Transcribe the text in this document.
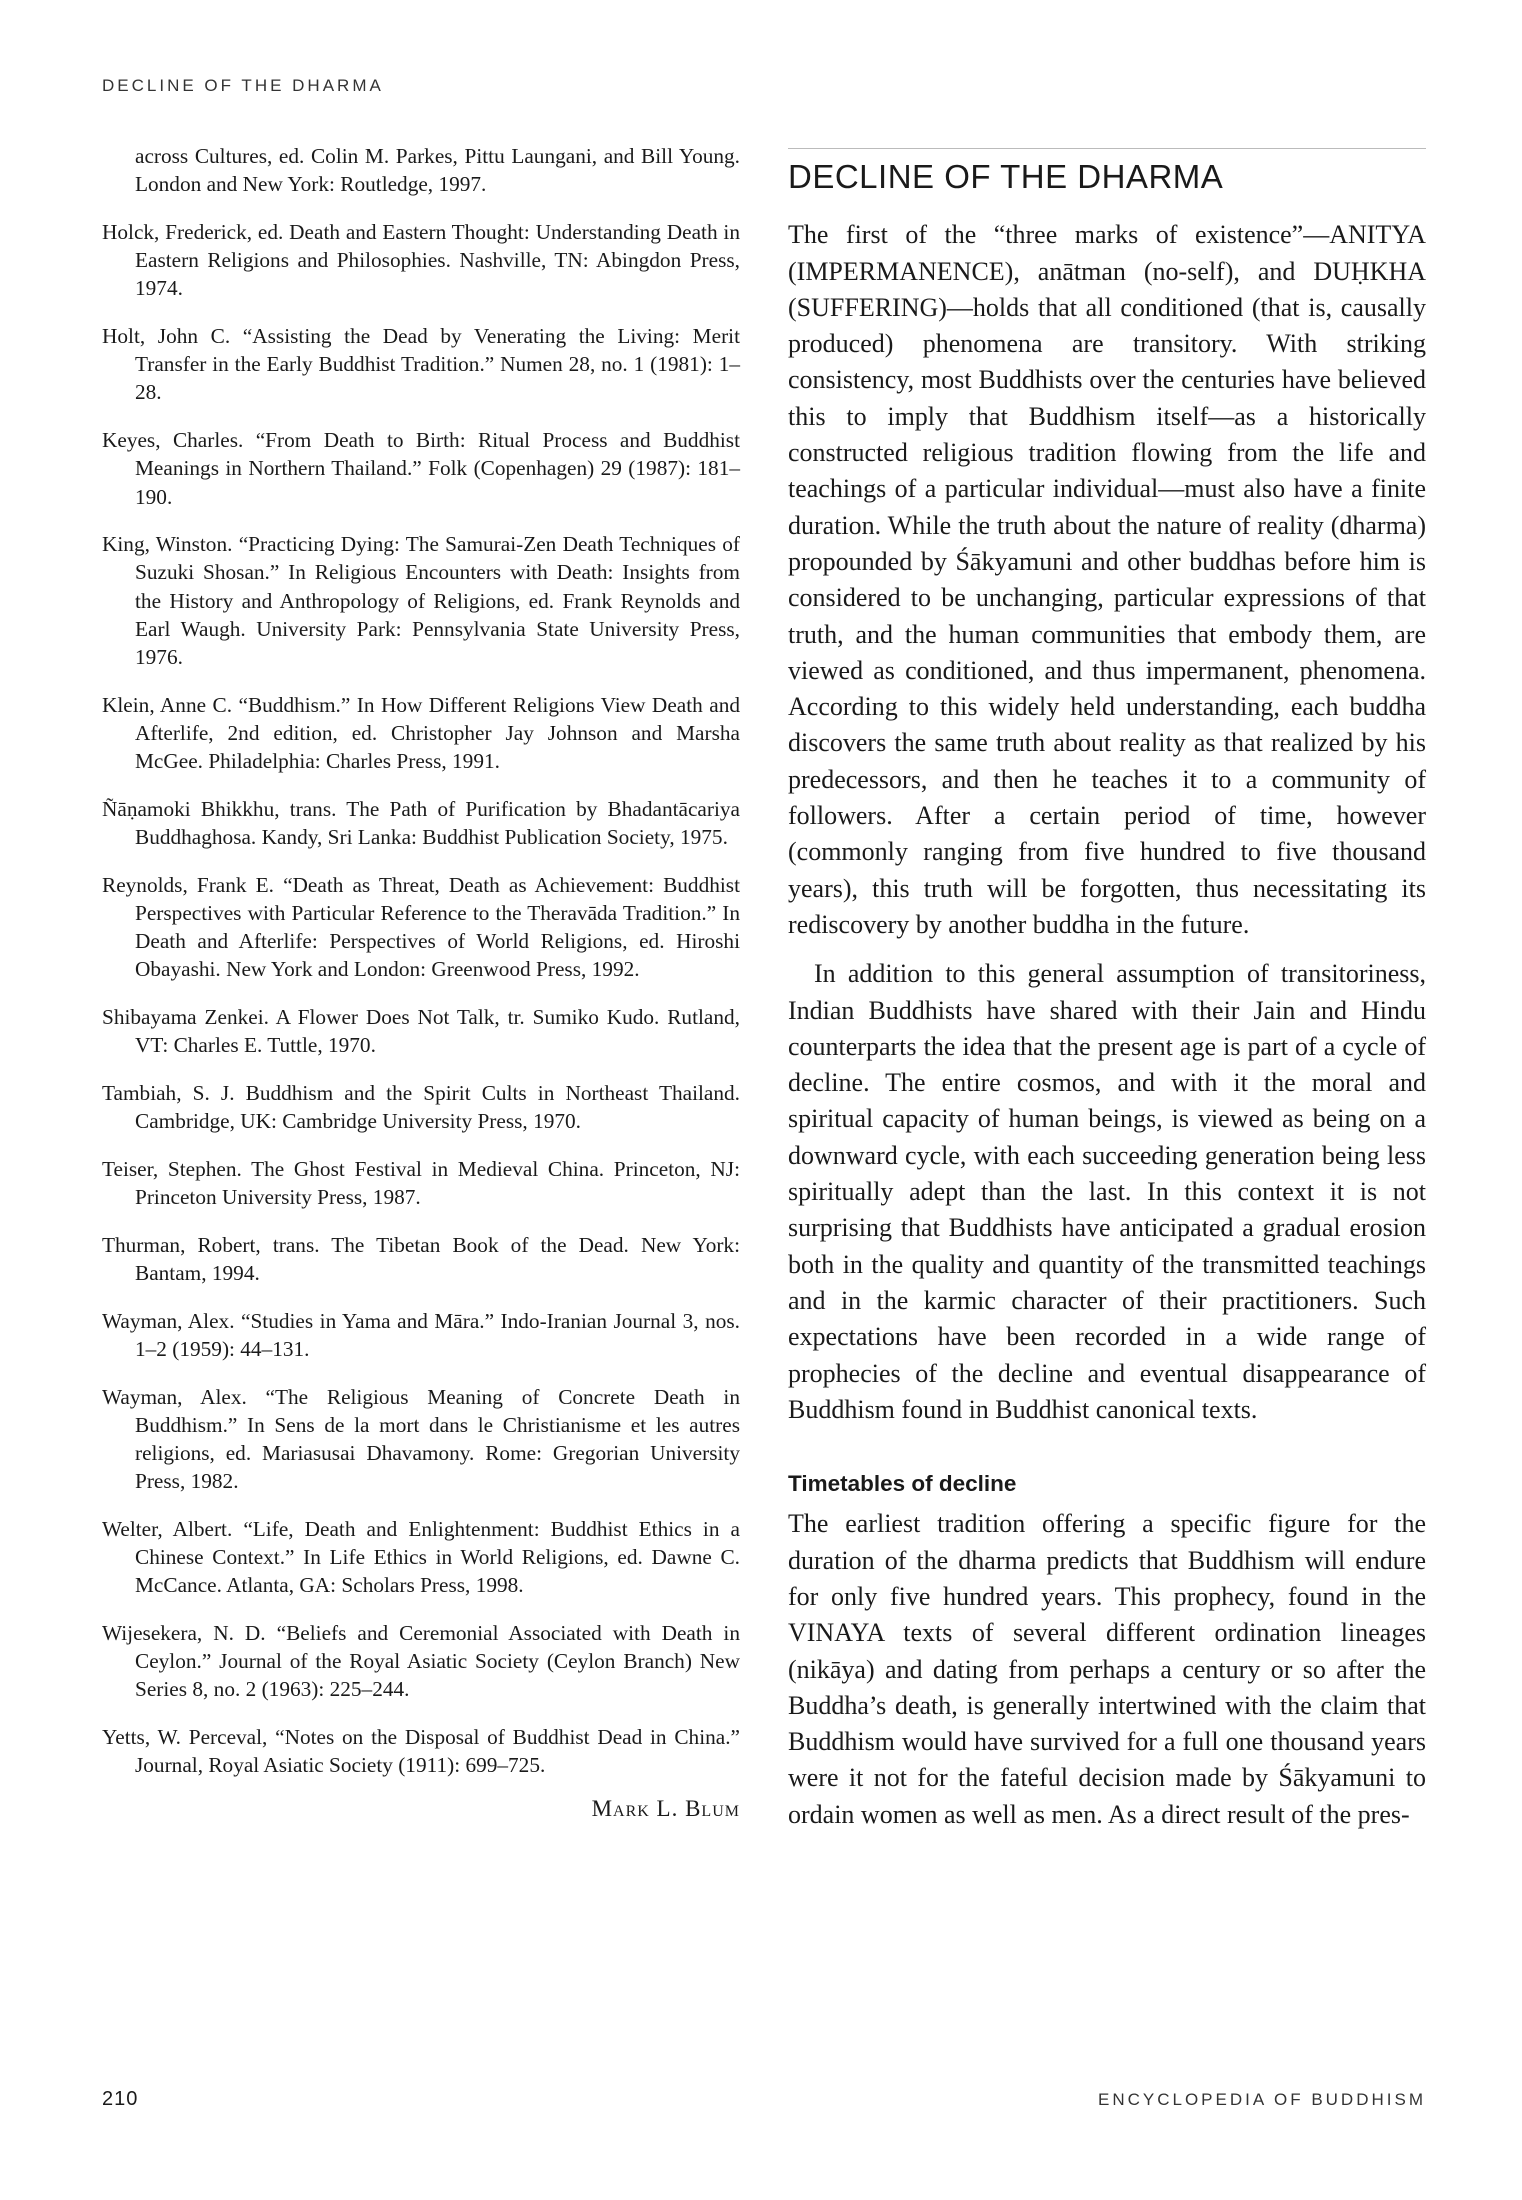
DECLINE OF THE DHARMA

across Cultures, ed. Colin M. Parkes, Pittu Laungani, and Bill Young. London and New York: Routledge, 1997.

Holck, Frederick, ed. Death and Eastern Thought: Understanding Death in Eastern Religions and Philosophies. Nashville, TN: Abingdon Press, 1974.

Holt, John C. “Assisting the Dead by Venerating the Living: Merit Transfer in the Early Buddhist Tradition.” Numen 28, no. 1 (1981): 1–28.

Keyes, Charles. “From Death to Birth: Ritual Process and Buddhist Meanings in Northern Thailand.” Folk (Copenhagen) 29 (1987): 181–190.

King, Winston. “Practicing Dying: The Samurai-Zen Death Techniques of Suzuki Shosan.” In Religious Encounters with Death: Insights from the History and Anthropology of Religions, ed. Frank Reynolds and Earl Waugh. University Park: Pennsylvania State University Press, 1976.

Klein, Anne C. “Buddhism.” In How Different Religions View Death and Afterlife, 2nd edition, ed. Christopher Jay Johnson and Marsha McGee. Philadelphia: Charles Press, 1991.

Ñāṇamoki Bhikkhu, trans. The Path of Purification by Bhadantācariya Buddhaghosa. Kandy, Sri Lanka: Buddhist Publication Society, 1975.

Reynolds, Frank E. “Death as Threat, Death as Achievement: Buddhist Perspectives with Particular Reference to the Theravāda Tradition.” In Death and Afterlife: Perspectives of World Religions, ed. Hiroshi Obayashi. New York and London: Greenwood Press, 1992.

Shibayama Zenkei. A Flower Does Not Talk, tr. Sumiko Kudo. Rutland, VT: Charles E. Tuttle, 1970.

Tambiah, S. J. Buddhism and the Spirit Cults in Northeast Thailand. Cambridge, UK: Cambridge University Press, 1970.

Teiser, Stephen. The Ghost Festival in Medieval China. Princeton, NJ: Princeton University Press, 1987.

Thurman, Robert, trans. The Tibetan Book of the Dead. New York: Bantam, 1994.

Wayman, Alex. “Studies in Yama and Māra.” Indo-Iranian Journal 3, nos. 1–2 (1959): 44–131.

Wayman, Alex. “The Religious Meaning of Concrete Death in Buddhism.” In Sens de la mort dans le Christianisme et les autres religions, ed. Mariasusai Dhavamony. Rome: Gregorian University Press, 1982.

Welter, Albert. “Life, Death and Enlightenment: Buddhist Ethics in a Chinese Context.” In Life Ethics in World Religions, ed. Dawne C. McCance. Atlanta, GA: Scholars Press, 1998.

Wijesekera, N. D. “Beliefs and Ceremonial Associated with Death in Ceylon.” Journal of the Royal Asiatic Society (Ceylon Branch) New Series 8, no. 2 (1963): 225–244.

Yetts, W. Perceval, “Notes on the Disposal of Buddhist Dead in China.” Journal, Royal Asiatic Society (1911): 699–725.

Mark L. Blum
DECLINE OF THE DHARMA

The first of the “three marks of existence”—ANITYA (IMPERMANENCE), anātman (no-self), and DUḤKHA (SUFFERING)—holds that all conditioned (that is, causally produced) phenomena are transitory. With striking consistency, most Buddhists over the centuries have believed this to imply that Buddhism itself—as a historically constructed religious tradition flowing from the life and teachings of a particular individual—must also have a finite duration. While the truth about the nature of reality (dharma) propounded by Śākyamuni and other buddhas before him is considered to be unchanging, particular expressions of that truth, and the human communities that embody them, are viewed as conditioned, and thus impermanent, phenomena. According to this widely held understanding, each buddha discovers the same truth about reality as that realized by his predecessors, and then he teaches it to a community of followers. After a certain period of time, however (commonly ranging from five hundred to five thousand years), this truth will be forgotten, thus necessitating its rediscovery by another buddha in the future.

In addition to this general assumption of transitoriness, Indian Buddhists have shared with their Jain and Hindu counterparts the idea that the present age is part of a cycle of decline. The entire cosmos, and with it the moral and spiritual capacity of human beings, is viewed as being on a downward cycle, with each succeeding generation being less spiritually adept than the last. In this context it is not surprising that Buddhists have anticipated a gradual erosion both in the quality and quantity of the transmitted teachings and in the karmic character of their practitioners. Such expectations have been recorded in a wide range of prophecies of the decline and eventual disappearance of Buddhism found in Buddhist canonical texts.

Timetables of decline

The earliest tradition offering a specific figure for the duration of the dharma predicts that Buddhism will endure for only five hundred years. This prophecy, found in the VINAYA texts of several different ordination lineages (nikāya) and dating from perhaps a century or so after the Buddha’s death, is generally intertwined with the claim that Buddhism would have survived for a full one thousand years were it not for the fateful decision made by Śākyamuni to ordain women as well as men. As a direct result of the pres-

210	ENCYCLOPEDIA OF BUDDHISM
